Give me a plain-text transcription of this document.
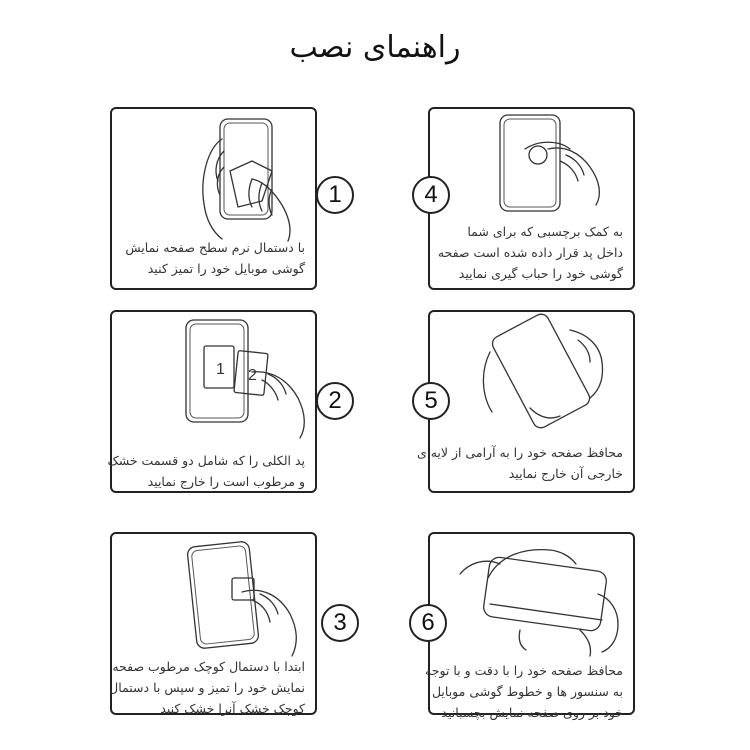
راهنمای نصب
با دستمال نرم سطح صفحه نمایش
گوشی موبایل خود را تمیز کنید
1
به کمک برچسبی که برای شما
داخل پد قرار داده شده است صفحه
گوشی خود را حباب گیری نمایید
4
1 2
پد الکلی را که شامل دو قسمت خشک
و مرطوب است را خارج نمایید
2
محافظ صفحه خود را به آرامی از لایه ی
خارجی آن خارج نمایید
5
ابتدا با دستمال کوچک مرطوب صفحه
نمایش خود را تمیز و سپس با دستمال
کوچک خشک آنرا خشک کنید
3
محافظ صفحه خود را با دقت و با توجه
به سنسور ها و خطوط گوشی موبایل
خود بر روی صفحه نمایش بچسبانید
6
